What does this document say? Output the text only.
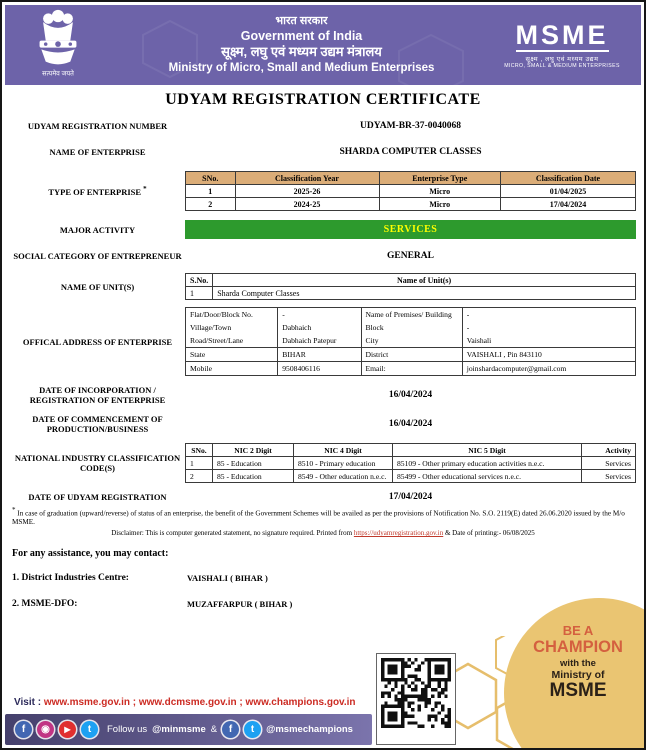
सत्यमेव जयते
भारत सरकार
Government of India
सूक्ष्म, लघु एवं मध्यम उद्यम मंत्रालय
Ministry of Micro, Small and Medium Enterprises
MSME
सूक्ष्म , लघु एवं मध्यम उद्यम
MICRO, SMALL & MEDIUM ENTERPRISES
UDYAM REGISTRATION CERTIFICATE
UDYAM REGISTRATION NUMBER	UDYAM-BR-37-0040068
NAME OF ENTERPRISE	SHARDA COMPUTER CLASSES
TYPE OF ENTERPRISE *
SNo.	Classification Year	Enterprise Type	Classification Date
1	2025-26	Micro	01/04/2025
2	2024-25	Micro	17/04/2024
MAJOR ACTIVITY	SERVICES
SOCIAL CATEGORY OF ENTREPRENEUR	GENERAL
NAME OF UNIT(S)
S.No.	Name of Unit(s)
1	Sharda Computer Classes
OFFICAL ADDRESS OF ENTERPRISE
Flat/Door/Block No.	-	Name of Premises/ Building	-
Village/Town	Dabhaich	Block	-
Road/Street/Lane	Dabhaich Patepur	City	Vaishali
State	BIHAR	District	VAISHALI , Pin 843110
Mobile	9508406116	Email:	joinshardacomputer@gmail.com
DATE OF INCORPORATION / REGISTRATION OF ENTERPRISE	16/04/2024
DATE OF COMMENCEMENT OF PRODUCTION/BUSINESS	16/04/2024
NATIONAL INDUSTRY CLASSIFICATION CODE(S)
SNo.	NIC 2 Digit	NIC 4 Digit	NIC 5 Digit	Activity
1	85 - Education	8510 - Primary education	85109 - Other primary education activities n.e.c.	Services
2	85 - Education	8549 - Other education n.e.c.	85499 - Other educational services n.e.c.	Services
DATE OF UDYAM REGISTRATION	17/04/2024
* In case of graduation (upward/reverse) of status of an enterprise, the benefit of the Government Schemes will be availed as per the provisions of Notification No. S.O. 2119(E) dated 26.06.2020 issued by the M/o MSME.
Disclaimer: This is computer generated statement, no signature required. Printed from https://udyamregistration.gov.in & Date of printing:- 06/08/2025
For any assistance, you may contact:
1. District Industries Centre:	VAISHALI ( BIHAR )
2. MSME-DFO:	MUZAFFARPUR ( BIHAR )
BE A
CHAMPION
with the
Ministry of
MSME
Visit : www.msme.gov.in ; www.dcmsme.gov.in ; www.champions.gov.in
f	◉	▶	t	Follow us @minmsme &	f	t	@msmechampions
